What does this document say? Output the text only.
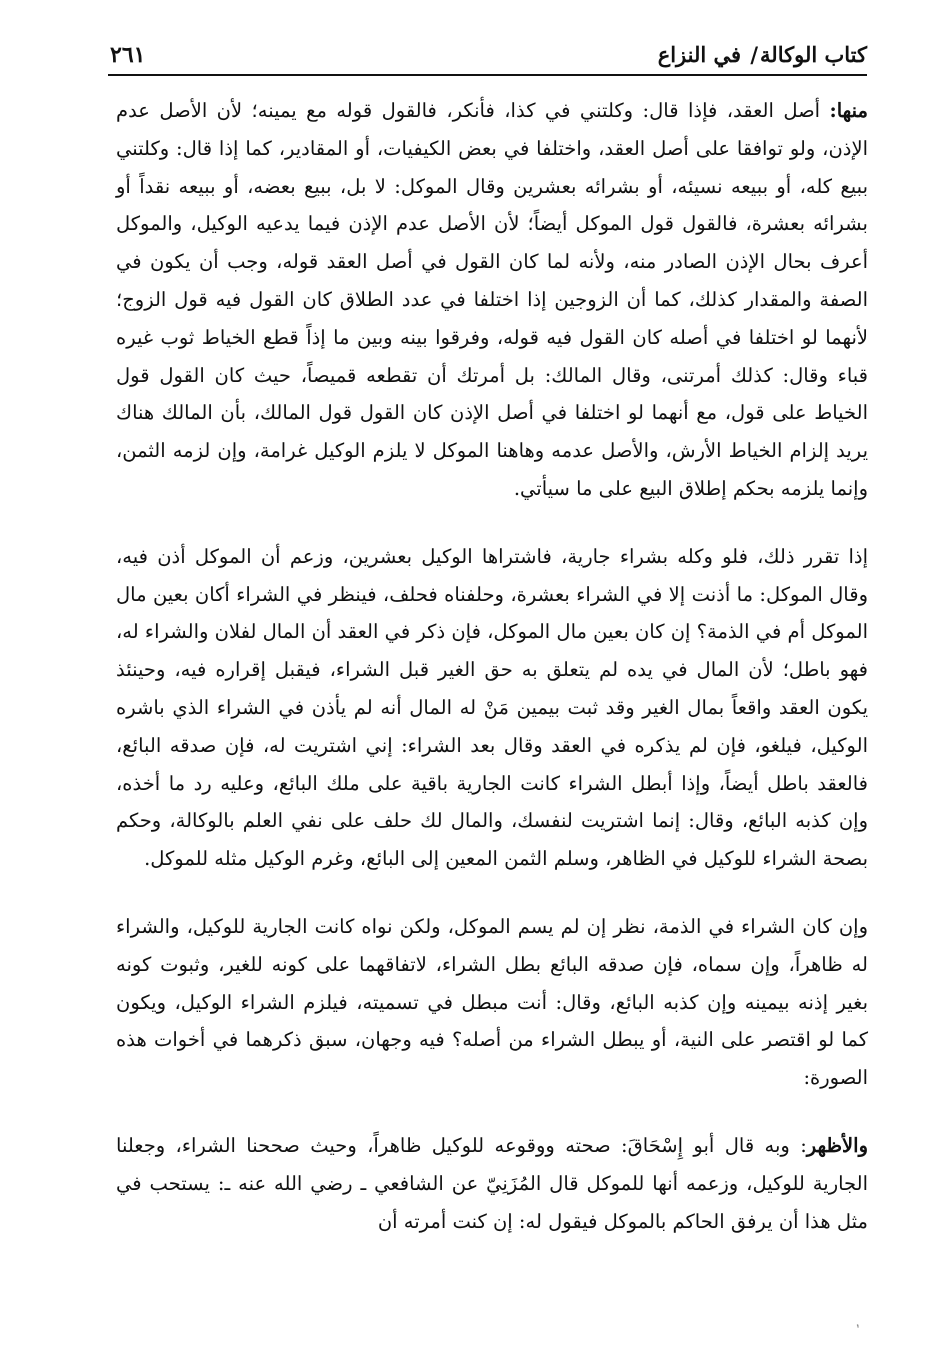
كتاب الوكالة/ في النزاع
٢٦١

منها: أصل العقد، فإذا قال: وكلتني في كذا، فأنكر، فالقول قوله مع يمينه؛ لأن الأصل عدم الإذن، ولو توافقا على أصل العقد، واختلفا في بعض الكيفيات، أو المقادير، كما إذا قال: وكلتني ببيع كله، أو ببيعه نسيئه، أو بشرائه بعشرين وقال الموكل: لا بل، ببيع بعضه، أو ببيعه نقداً أو بشرائه بعشرة، فالقول قول الموكل أيضاً؛ لأن الأصل عدم الإذن فيما يدعيه الوكيل، والموكل أعرف بحال الإذن الصادر منه، ولأنه لما كان القول في أصل العقد قوله، وجب أن يكون في الصفة والمقدار كذلك، كما أن الزوجين إذا اختلفا في عدد الطلاق كان القول فيه قول الزوج؛ لأنهما لو اختلفا في أصله كان القول فيه قوله، وفرقوا بينه وبين ما إذاً قطع الخياط ثوب غيره قباء وقال: كذلك أمرتنى، وقال المالك: بل أمرتك أن تقطعه قميصاً، حيث كان القول قول الخياط على قول، مع أنهما لو اختلفا في أصل الإذن كان القول قول المالك، بأن المالك هناك يريد إلزام الخياط الأرش، والأصل عدمه وهاهنا الموكل لا يلزم الوكيل غرامة، وإن لزمه الثمن، وإنما يلزمه بحكم إطلاق البيع على ما سيأتي.

إذا تقرر ذلك، فلو وكله بشراء جارية، فاشتراها الوكيل بعشرين، وزعم أن الموكل أذن فيه، وقال الموكل: ما أذنت إلا في الشراء بعشرة، وحلفناه فحلف، فينظر في الشراء أكان بعين مال الموكل أم في الذمة؟ إن كان بعين مال الموكل، فإن ذكر في العقد أن المال لفلان والشراء له، فهو باطل؛ لأن المال في يده لم يتعلق به حق الغير قبل الشراء، فيقبل إقراره فيه، وحينئذ يكون العقد واقعاً بمال الغير وقد ثبت بيمين مَنْ له المال أنه لم يأذن في الشراء الذي باشره الوكيل، فيلغو، فإن لم يذكره في العقد وقال بعد الشراء: إني اشتريت له، فإن صدقه البائع، فالعقد باطل أيضاً، وإذا أبطل الشراء كانت الجارية باقية على ملك البائع، وعليه رد ما أخذه، وإن كذبه البائع، وقال: إنما اشتريت لنفسك، والمال لك حلف على نفي العلم بالوكالة، وحكم بصحة الشراء للوكيل في الظاهر، وسلم الثمن المعين إلى البائع، وغرم الوكيل مثله للموكل.

وإن كان الشراء في الذمة، نظر إن لم يسم الموكل، ولكن نواه كانت الجارية للوكيل، والشراء له ظاهراً، وإن سماه، فإن صدقه البائع بطل الشراء، لاتفاقهما على كونه للغير، وثبوت كونه بغير إذنه بيمينه وإن كذبه البائع، وقال: أنت مبطل في تسميته، فيلزم الشراء الوكيل، ويكون كما لو اقتصر على النية، أو يبطل الشراء من أصله؟ فيه وجهان، سبق ذكرهما في أخوات هذه الصورة:

والأظهر: وبه قال أبو إِسْحَاقَ: صحته ووقوعه للوكيل ظاهراً، وحيث صححنا الشراء، وجعلنا الجارية للوكيل، وزعمه أنها للموكل قال المُزَنِيّ عن الشافعي ـ رضي الله عنه ـ: يستحب في مثل هذا أن يرفق الحاكم بالموكل فيقول له: إن كنت أمرته أن

٬
